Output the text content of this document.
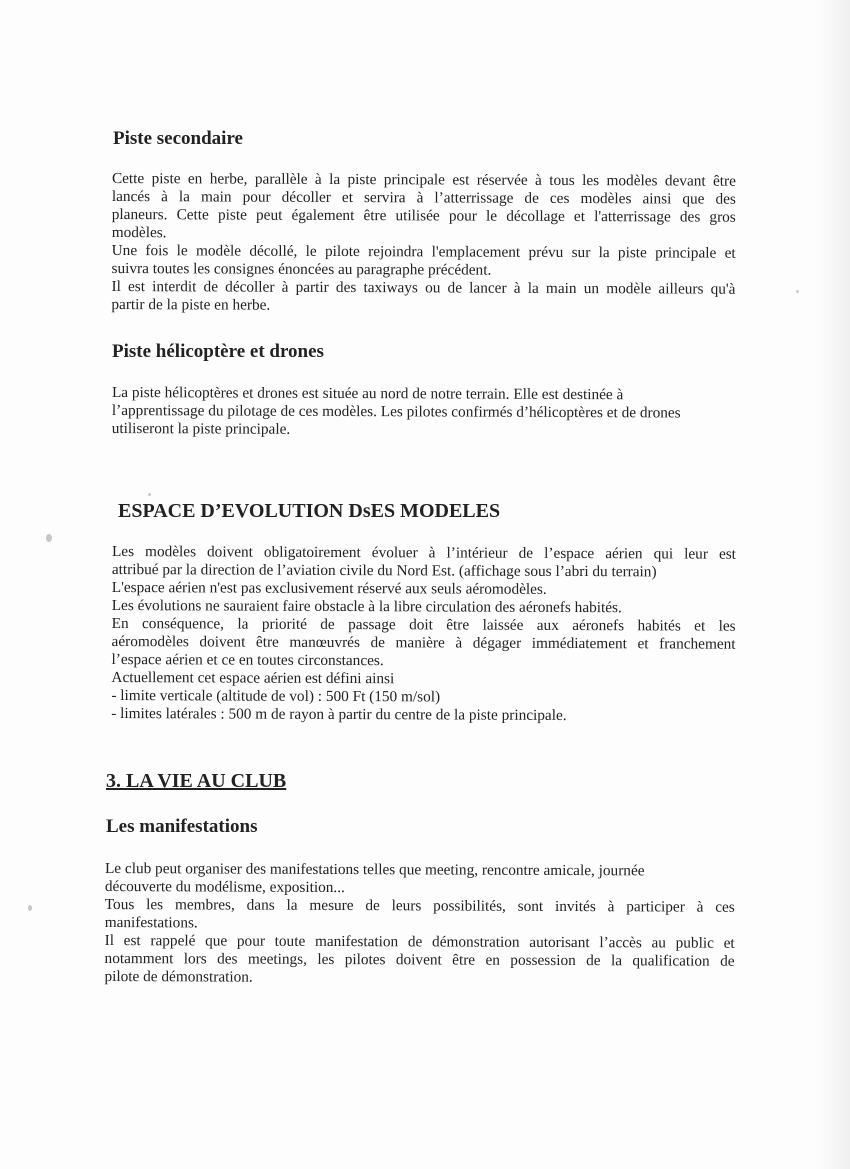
Piste secondaire
Cette piste en herbe, parallèle à la piste principale est réservée à tous les modèles devant être
lancés à la main pour décoller et servira à l’atterrissage de ces modèles ainsi que des
planeurs. Cette piste peut également être utilisée pour le décollage et l'atterrissage des gros
modèles.
Une fois le modèle décollé, le pilote rejoindra l'emplacement prévu sur la piste principale et
suivra toutes les consignes énoncées au paragraphe précédent.
Il est interdit de décoller à partir des taxiways ou de lancer à la main un modèle ailleurs qu'à
partir de la piste en herbe.
Piste hélicoptère et drones
La piste hélicoptères et drones est située au nord de notre terrain. Elle est destinée à
l’apprentissage du pilotage de ces modèles. Les pilotes confirmés d’hélicoptères et de drones
utiliseront la piste principale.
ESPACE D’EVOLUTION DsES MODELES
Les modèles doivent obligatoirement évoluer à l’intérieur de l’espace aérien qui leur est
attribué par la direction de l’aviation civile du Nord Est. (affichage sous l’abri du terrain)
L'espace aérien n'est pas exclusivement réservé aux seuls aéromodèles.
Les évolutions ne sauraient faire obstacle à la libre circulation des aéronefs habités.
En conséquence, la priorité de passage doit être laissée aux aéronefs habités et les
aéromodèles doivent être manœuvrés de manière à dégager immédiatement et franchement
l’espace aérien et ce en toutes circonstances.
Actuellement cet espace aérien est défini ainsi
- limite verticale (altitude de vol) : 500 Ft (150 m/sol)
- limites latérales : 500 m de rayon à partir du centre de la piste principale.
3. LA VIE AU CLUB
Les manifestations
Le club peut organiser des manifestations telles que meeting, rencontre amicale, journée
découverte du modélisme, exposition...
Tous les membres, dans la mesure de leurs possibilités, sont invités à participer à ces
manifestations.
Il est rappelé que pour toute manifestation de démonstration autorisant l’accès au public et
notamment lors des meetings, les pilotes doivent être en possession de la qualification de
pilote de démonstration.
